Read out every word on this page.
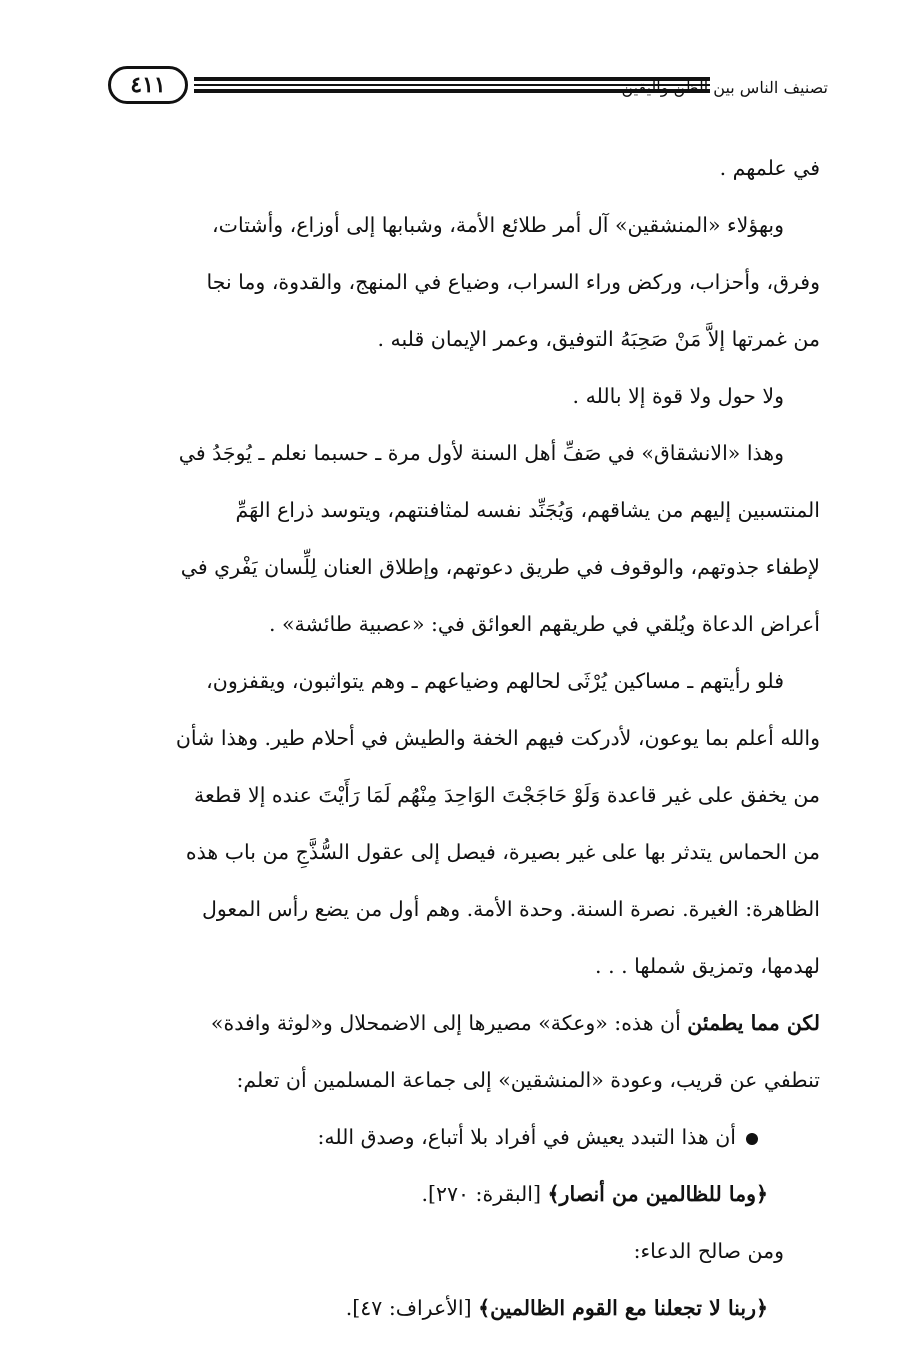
٤١١	تصنيف الناس بين الظن واليقين
في علمهم .
وبهؤلاء «المنشقين» آل أمر طلائع الأمة، وشبابها إلى أوزاع، وأشتات،
وفرق، وأحزاب، وركض وراء السراب، وضياع في المنهج، والقدوة، وما نجا
من غمرتها إلاَّ مَنْ صَحِبَهُ التوفيق، وعمر الإيمان قلبه .
ولا حول ولا قوة إلا بالله .
وهذا «الانشقاق» في صَفِّ أهل السنة لأول مرة ـ حسبما نعلم ـ يُوجَدُ في
المنتسبين إليهم من يشاقهم، وَيُجَنِّد نفسه لمثافنتهم، ويتوسد ذراع الهَمِّ
لإطفاء جذوتهم، والوقوف في طريق دعوتهم، وإطلاق العنان لِلِّسان يَفْري في
أعراض الدعاة ويُلقي في طريقهم العوائق في: «عصبية طائشة» .
فلو رأيتهم ـ مساكين يُرْثَى لحالهم وضياعهم ـ وهم يتواثبون، ويقفزون،
والله أعلم بما يوعون، لأدركت فيهم الخفة والطيش في أحلام طير. وهذا شأن
من يخفق على غير قاعدة وَلَوْ حَاجَجْتَ الوَاحِدَ مِنْهُم لَمَا رَأَيْتَ عنده إلا قطعة
من الحماس يتدثر بها على غير بصيرة، فيصل إلى عقول السُّذَّجِ من باب هذه
الظاهرة: الغيرة. نصرة السنة. وحدة الأمة. وهم أول من يضع رأس المعول
لهدمها، وتمزيق شملها . . .
لكن مما يطمئن أن هذه: «وعكة» مصيرها إلى الاضمحلال و«لوثة وافدة»
تنطفي عن قريب، وعودة «المنشقين» إلى جماعة المسلمين أن تعلم:
أن هذا التبدد يعيش في أفراد بلا أتباع، وصدق الله:
﴿وما للظالمين من أنصار﴾ [البقرة: ٢٧٠].
ومن صالح الدعاء:
﴿ربنا لا تجعلنا مع القوم الظالمين﴾ [الأعراف: ٤٧].
